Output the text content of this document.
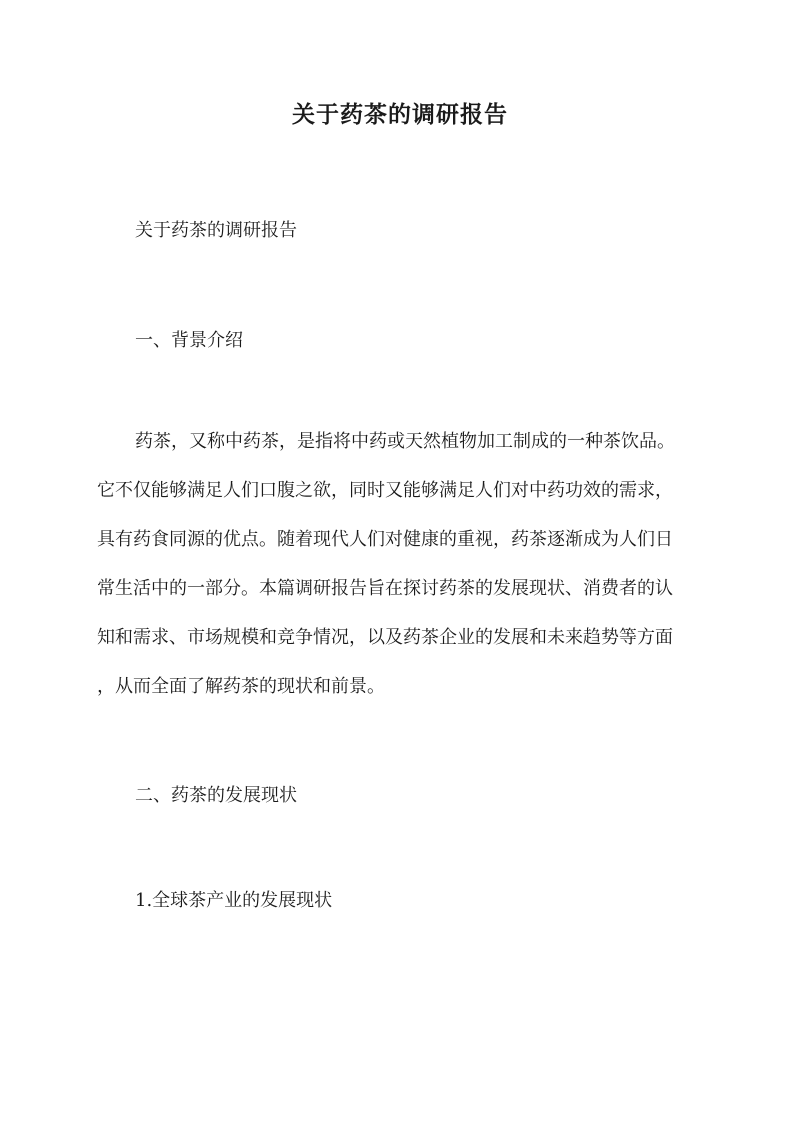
关于药茶的调研报告

关于药茶的调研报告

一、背景介绍

药茶，又称中药茶，是指将中药或天然植物加工制成的一种茶饮品。
它不仅能够满足人们口腹之欲，同时又能够满足人们对中药功效的需求，
具有药食同源的优点。随着现代人们对健康的重视，药茶逐渐成为人们日
常生活中的一部分。本篇调研报告旨在探讨药茶的发展现状、消费者的认
知和需求、市场规模和竞争情况，以及药茶企业的发展和未来趋势等方面
，从而全面了解药茶的现状和前景。

二、药茶的发展现状

1.全球茶产业的发展现状
